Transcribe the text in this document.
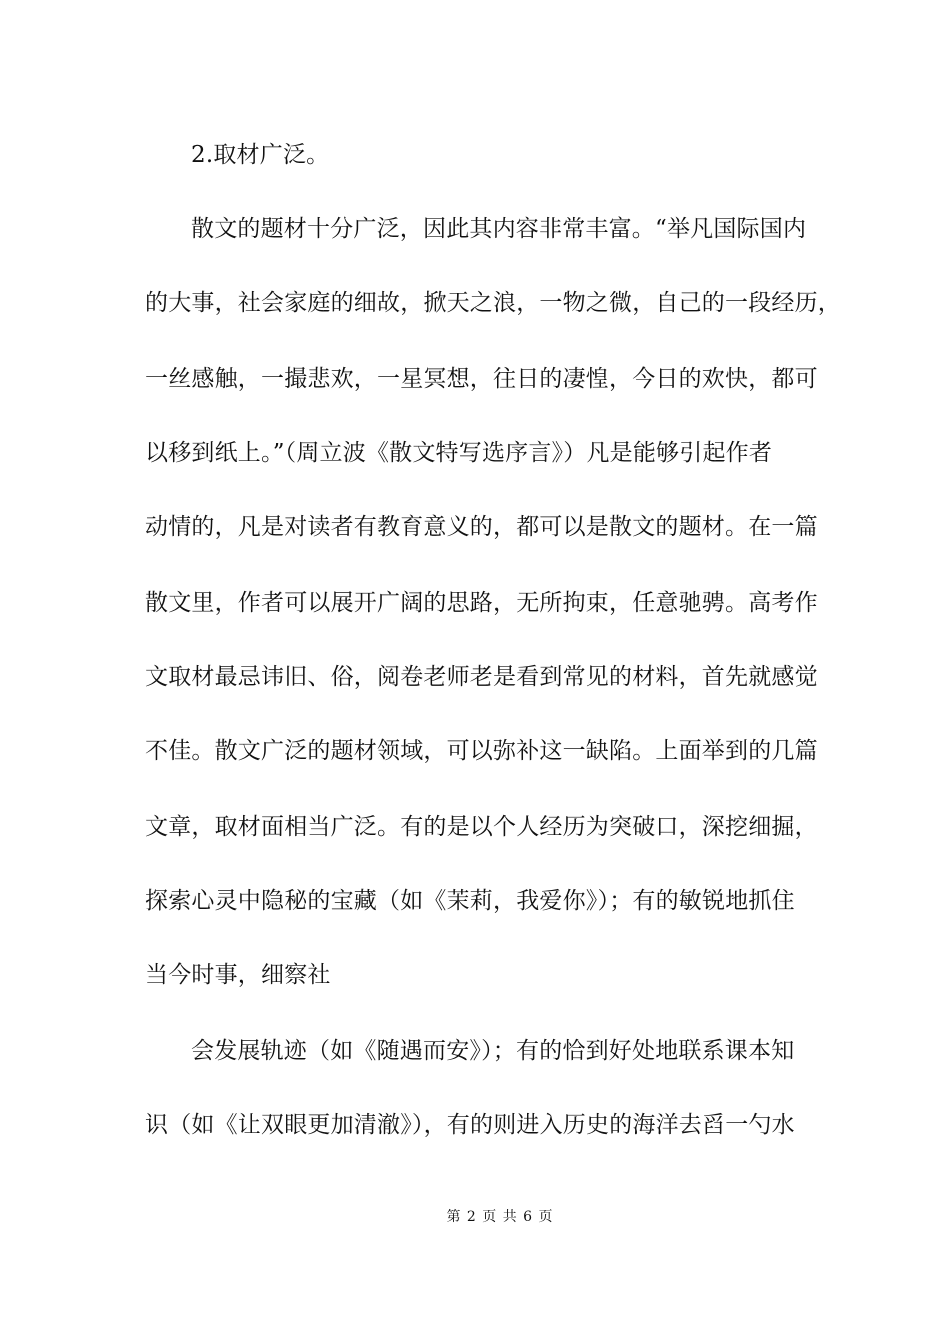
2.取材广泛。
散文的题材十分广泛，因此其内容非常丰富。“举凡国际国内
的大事，社会家庭的细故，掀天之浪，一物之微，自己的一段经历，
一丝感触，一撮悲欢，一星冥想，往日的凄惶，今日的欢快，都可
以移到纸上。”（周立波《散文特写选序言》）凡是能够引起作者
动情的，凡是对读者有教育意义的，都可以是散文的题材。在一篇
散文里，作者可以展开广阔的思路，无所拘束，任意驰骋。高考作
文取材最忌讳旧、俗，阅卷老师老是看到常见的材料，首先就感觉
不佳。散文广泛的题材领域，可以弥补这一缺陷。上面举到的几篇
文章，取材面相当广泛。有的是以个人经历为突破口，深挖细掘，
探索心灵中隐秘的宝藏（如《茉莉，我爱你》）；有的敏锐地抓住
当今时事，细察社
会发展轨迹（如《随遇而安》）；有的恰到好处地联系课本知
识（如《让双眼更加清澈》），有的则进入历史的海洋去舀一勺水
第 2 页 共 6 页
